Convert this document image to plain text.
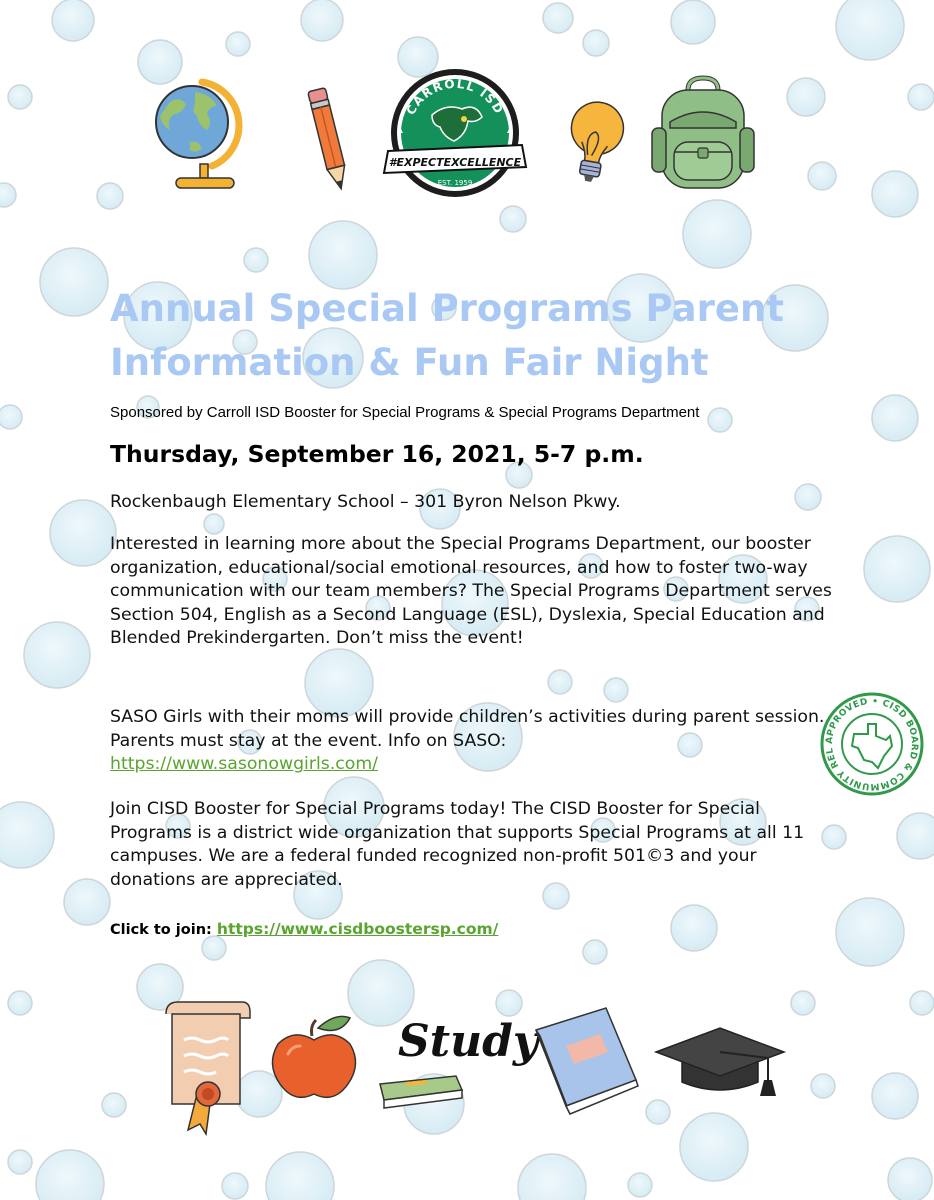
CARROLL ISD
#EXPECTEXCELLENCE
EST. 1959
Annual Special Programs Parent
Information & Fun Fair Night
Sponsored by Carroll ISD Booster for Special Programs & Special Programs Department
Thursday, September 16, 2021, 5-7 p.m.

Rockenbaugh Elementary School – 301 Byron Nelson Pkwy.

Interested in learning more about the Special Programs Department, our booster organization, educational/social emotional resources, and how to foster two-way communication with our team members? The Special Programs Department serves Section 504, English as a Second Language (ESL), Dyslexia, Special Education and Blended Prekindergarten. Don’t miss the event!

SASO Girls with their moms will provide children’s activities during parent session. Parents must stay at the event. Info on SASO:
https://www.sasonowgirls.com/

Join CISD Booster for Special Programs today! The CISD Booster for Special Programs is a district wide organization that supports Special Programs at all 11 campuses. We are a federal funded recognized non-profit 501©3 and your donations are appreciated.

Click to join: https://www.cisdboostersp.com/
APPROVED • CISD BOARD & COMMUNITY RELATIONS
Study
